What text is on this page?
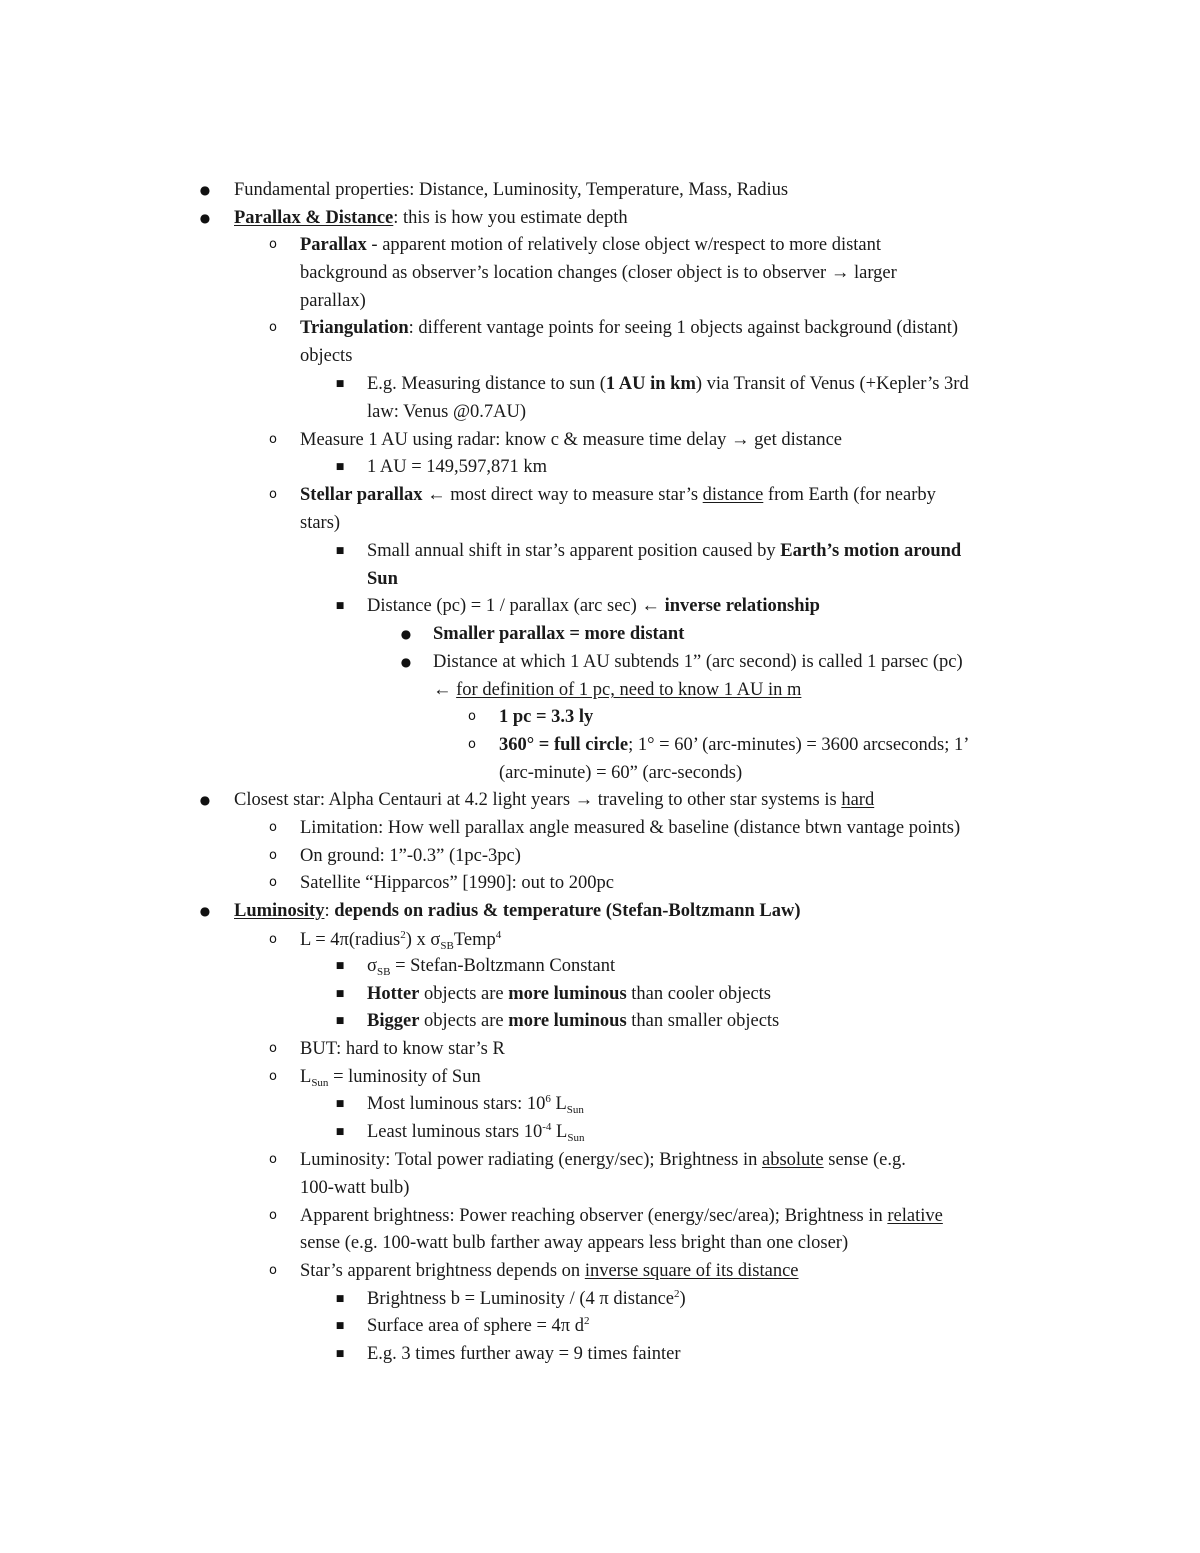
● Fundamental properties: Distance, Luminosity, Temperature, Mass, Radius
● Parallax & Distance: this is how you estimate depth
o Parallax - apparent motion of relatively close object w/respect to more distant
background as observer’s location changes (closer object is to observer → larger
parallax)
o Triangulation: different vantage points for seeing 1 objects against background (distant)
objects
■ E.g. Measuring distance to sun (1 AU in km) via Transit of Venus (+Kepler’s 3rd
law: Venus @0.7AU)
o Measure 1 AU using radar: know c & measure time delay → get distance
■ 1 AU = 149,597,871 km
o Stellar parallax ← most direct way to measure star’s distance from Earth (for nearby
stars)
■ Small annual shift in star’s apparent position caused by Earth’s motion around
Sun
■ Distance (pc) = 1 / parallax (arc sec) ← inverse relationship
● Smaller parallax = more distant
● Distance at which 1 AU subtends 1” (arc second) is called 1 parsec (pc)
← for definition of 1 pc, need to know 1 AU in m
o 1 pc = 3.3 ly
o 360° = full circle; 1° = 60’ (arc-minutes) = 3600 arcseconds; 1’
(arc-minute) = 60” (arc-seconds)
● Closest star: Alpha Centauri at 4.2 light years → traveling to other star systems is hard
o Limitation: How well parallax angle measured & baseline (distance btwn vantage points)
o On ground: 1”-0.3” (1pc-3pc)
o Satellite “Hipparcos” [1990]: out to 200pc
● Luminosity: depends on radius & temperature (Stefan-Boltzmann Law)
o L = 4π(radius$^2$) x $\sigma_{SB}Temp^4$
■ $\sigma_{SB}$ = Stefan-Boltzmann Constant
■ Hotter objects are more luminous than cooler objects
■ Bigger objects are more luminous than smaller objects
o BUT: hard to know star’s R
o $L_{Sun}$ = luminosity of Sun
■ Most luminous stars: $10^6$ $L_{Sun}$
■ Least luminous stars $10^{-4}$ $L_{Sun}$
o Luminosity: Total power radiating (energy/sec); Brightness in absolute sense (e.g.
100-watt bulb)
o Apparent brightness: Power reaching observer (energy/sec/area); Brightness in relative
sense (e.g. 100-watt bulb farther away appears less bright than one closer)
o Star’s apparent brightness depends on inverse square of its distance
■ Brightness b = Luminosity / (4 π distance$^2$)
■ Surface area of sphere = 4π $d^2$
■ E.g. 3 times further away = 9 times fainter
